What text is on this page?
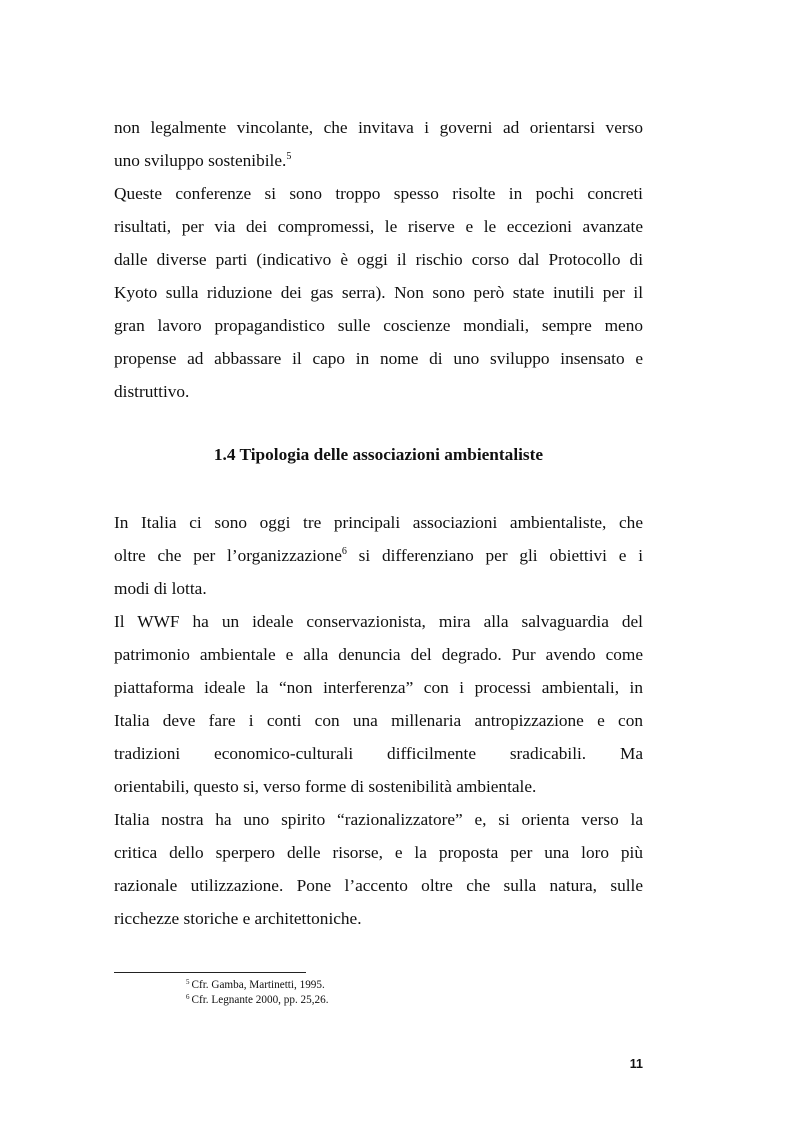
non legalmente vincolante, che invitava i governi ad orientarsi verso
uno sviluppo sostenibile.$^5$
Queste conferenze si sono troppo spesso risolte in pochi concreti
risultati, per via dei compromessi, le riserve e le eccezioni avanzate
dalle diverse parti (indicativo è oggi il rischio corso dal Protocollo di
Kyoto sulla riduzione dei gas serra). Non sono però state inutili per il
gran lavoro propagandistico sulle coscienze mondiali, sempre meno
propense ad abbassare il capo in nome di uno sviluppo insensato e
distruttivo.
1.4 Tipologia delle associazioni ambientaliste
In Italia ci sono oggi tre principali associazioni ambientaliste, che
oltre che per l’organizzazione$^6$ si differenziano per gli obiettivi e i
modi di lotta.
Il WWF ha un ideale conservazionista, mira alla salvaguardia del
patrimonio ambientale e alla denuncia del degrado. Pur avendo come
piattaforma ideale la “non interferenza” con i processi ambientali, in
Italia deve fare i conti con una millenaria antropizzazione e con
tradizioni economico-culturali difficilmente sradicabili. Ma
orientabili, questo si, verso forme di sostenibilità ambientale.
Italia nostra ha uno spirito “razionalizzatore” e, si orienta verso la
critica dello sperpero delle risorse, e la proposta per una loro più
razionale utilizzazione. Pone l’accento oltre che sulla natura, sulle
ricchezze storiche e architettoniche.
$^5$ Cfr. Gamba, Martinetti, 1995.
$^6$ Cfr. Legnante 2000, pp. 25,26.
11
